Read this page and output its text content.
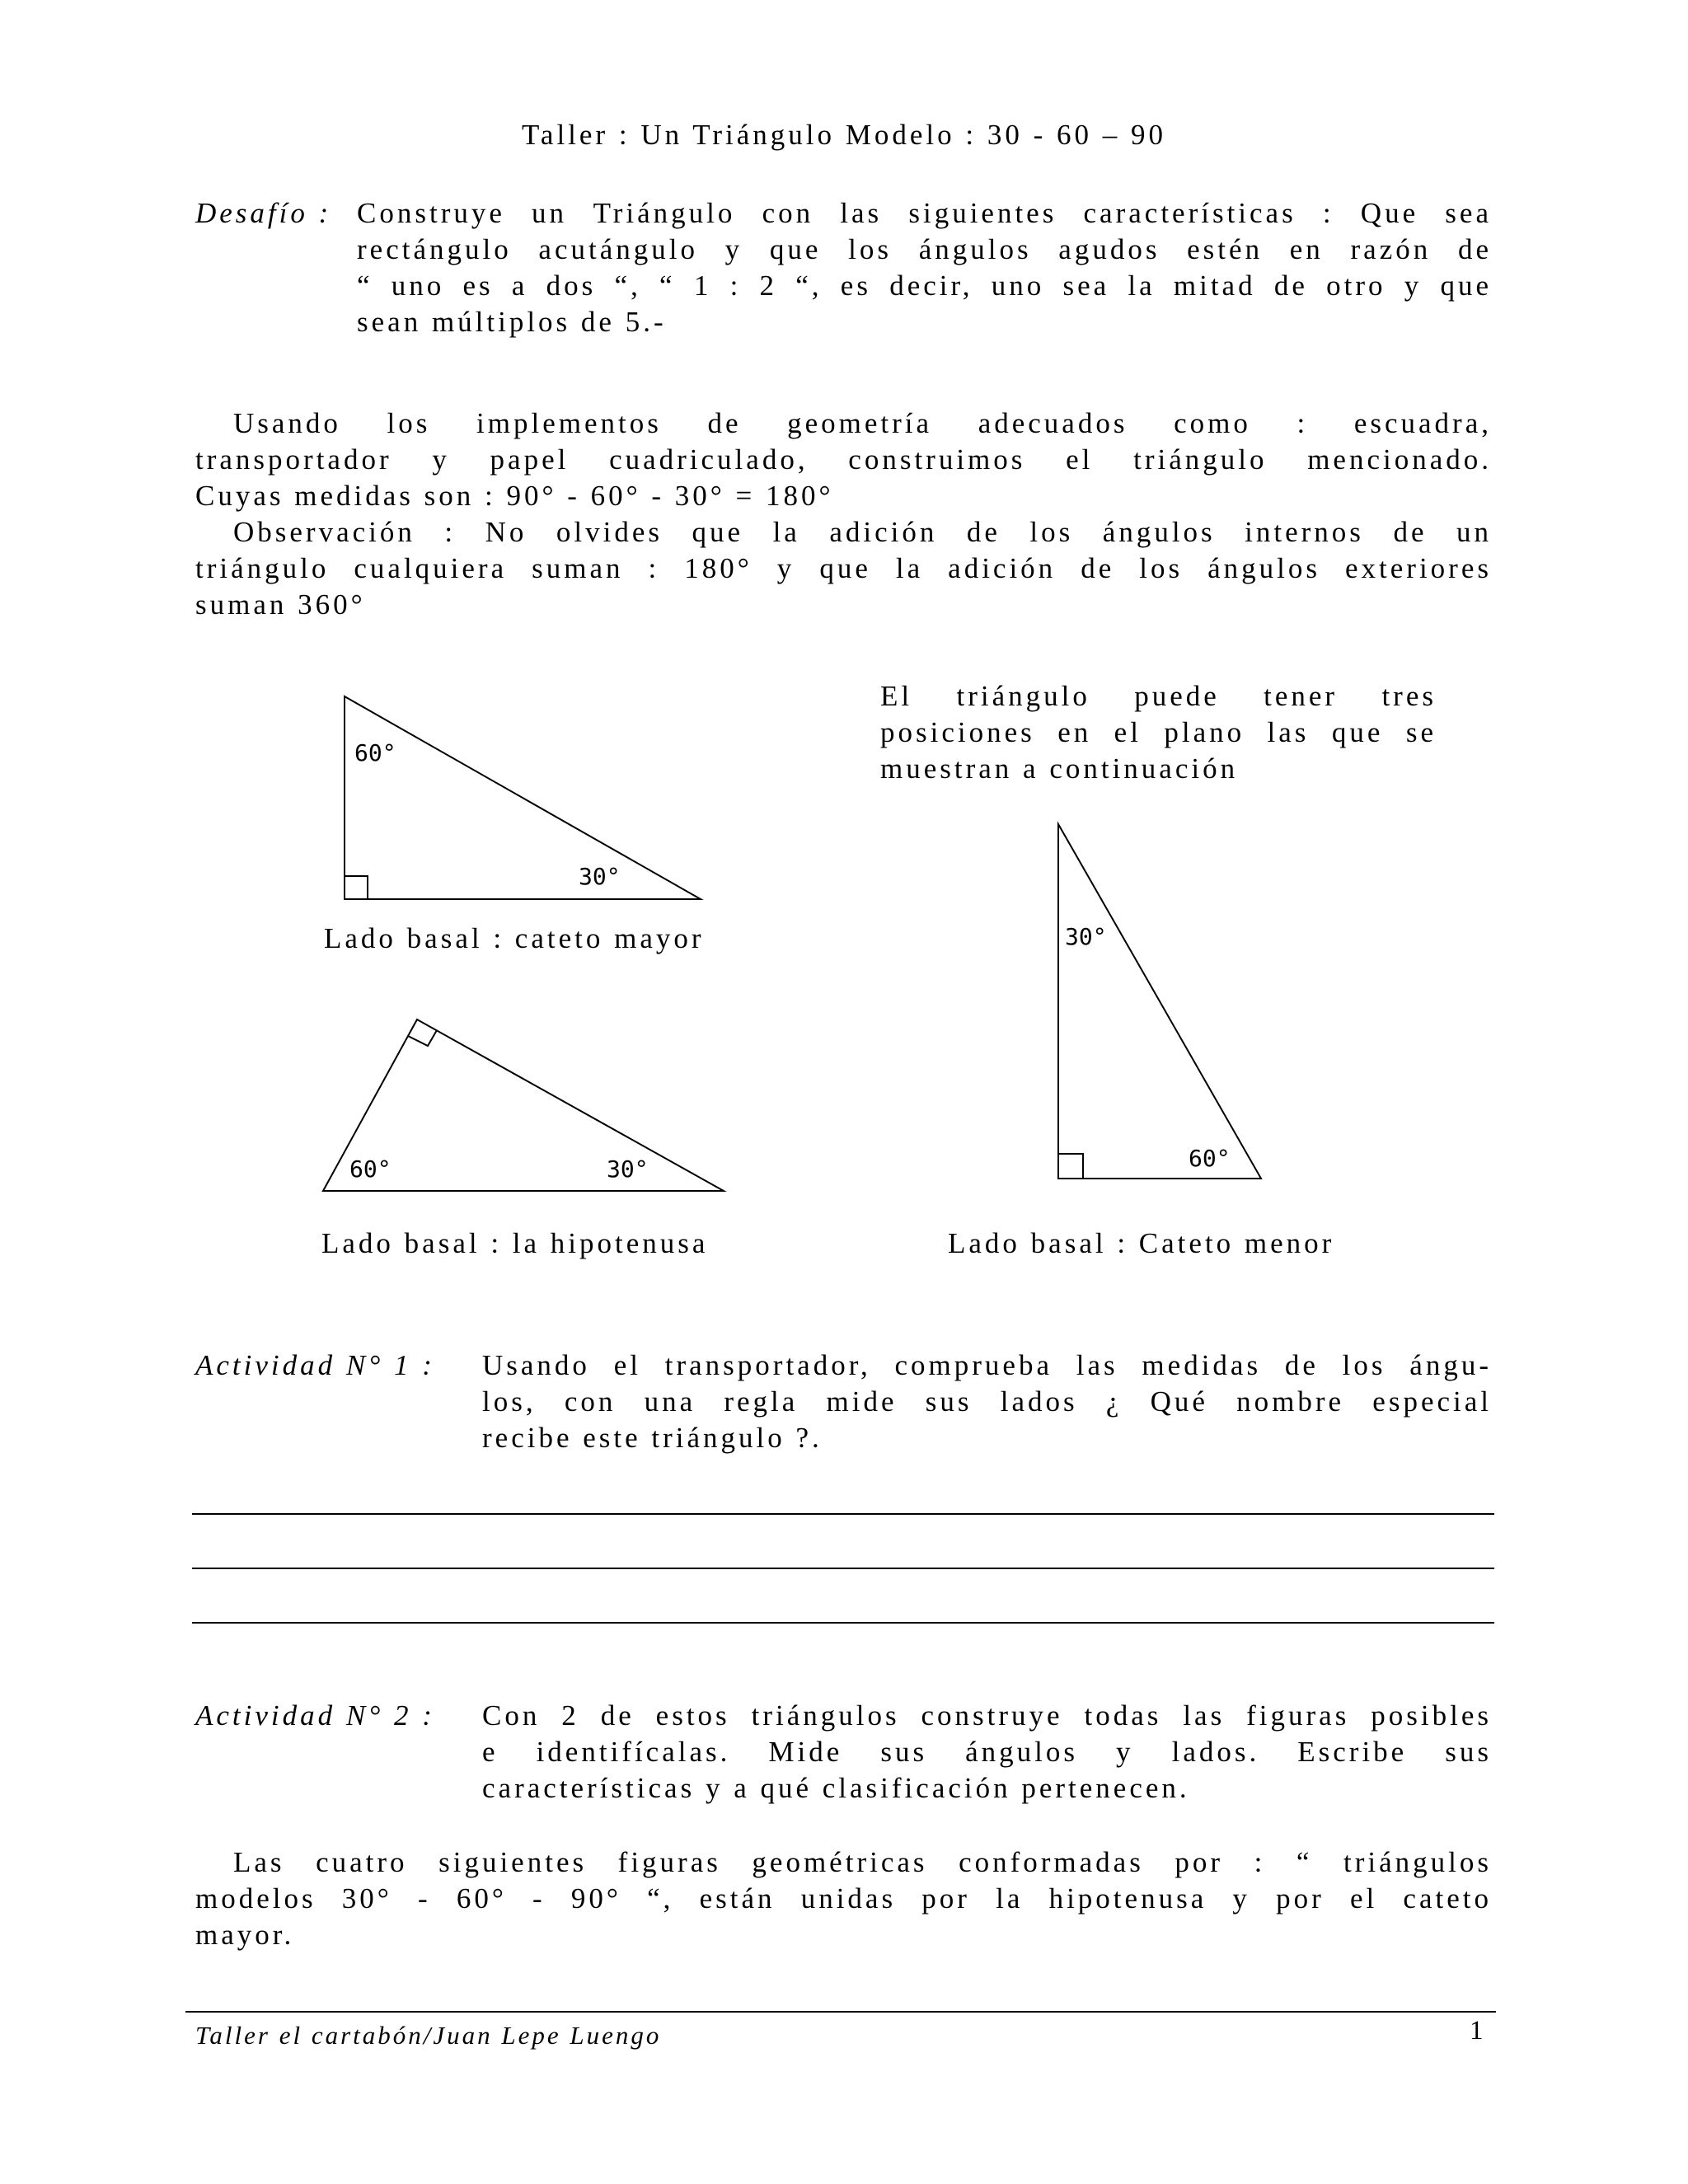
Taller : Un Triángulo Modelo : 30 - 60 – 90
Desafío : Construye un Triángulo con las siguientes características : Que sea
rectángulo acutángulo y que los ángulos agudos estén en razón de
“ uno es a dos “, “ 1 : 2 “, es decir, uno sea la mitad de otro y que
sean múltiplos de 5.-
Usando los implementos de geometría adecuados como : escuadra,
transportador y papel cuadriculado, construimos el triángulo mencionado.
Cuyas medidas son : 90° - 60° - 30° = 180°
Observación : No olvides que la adición de los ángulos internos de un
triángulo cualquiera suman : 180° y que la adición de los ángulos exteriores
suman 360°
El triángulo puede tener tres
posiciones en el plano las que se
muestran a continuación
60°
30°
Lado basal : cateto mayor
60°	30°
Lado basal : la hipotenusa
30°
60°
Lado basal : Cateto menor
Actividad N° 1 : Usando el transportador, comprueba las medidas de los ángu-
los, con una regla mide sus lados ¿ Qué nombre especial
recibe este triángulo ?.
Actividad N° 2 : Con 2 de estos triángulos construye todas las figuras posibles
e identifícalas. Mide sus ángulos y lados. Escribe sus
características y a qué clasificación pertenecen.
Las cuatro siguientes figuras geométricas conformadas por : “ triángulos
modelos 30° - 60° - 90° “, están unidas por la hipotenusa y por el cateto
mayor.
Taller el cartabón/Juan Lepe Luengo	1
